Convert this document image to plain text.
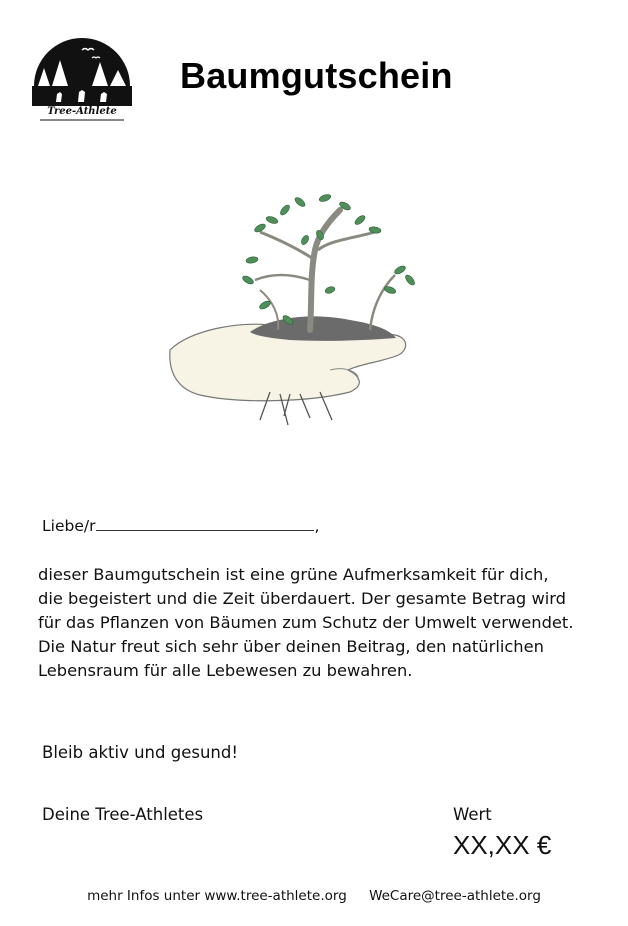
Tree-Athlete
Baumgutschein

Liebe/r	,

dieser Baumgutschein ist eine grüne Aufmerksamkeit für dich, die begeistert und die Zeit überdauert. Der gesamte Betrag wird für das Pflanzen von Bäumen zum Schutz der Umwelt verwendet. Die Natur freut sich sehr über deinen Beitrag, den natürlichen Lebensraum für alle Lebewesen zu bewahren.

Bleib aktiv und gesund!

Deine Tree-Athletes	Wert

XX,XX €

mehr Infos unter www.tree-athlete.org WeCare@tree-athlete.org
